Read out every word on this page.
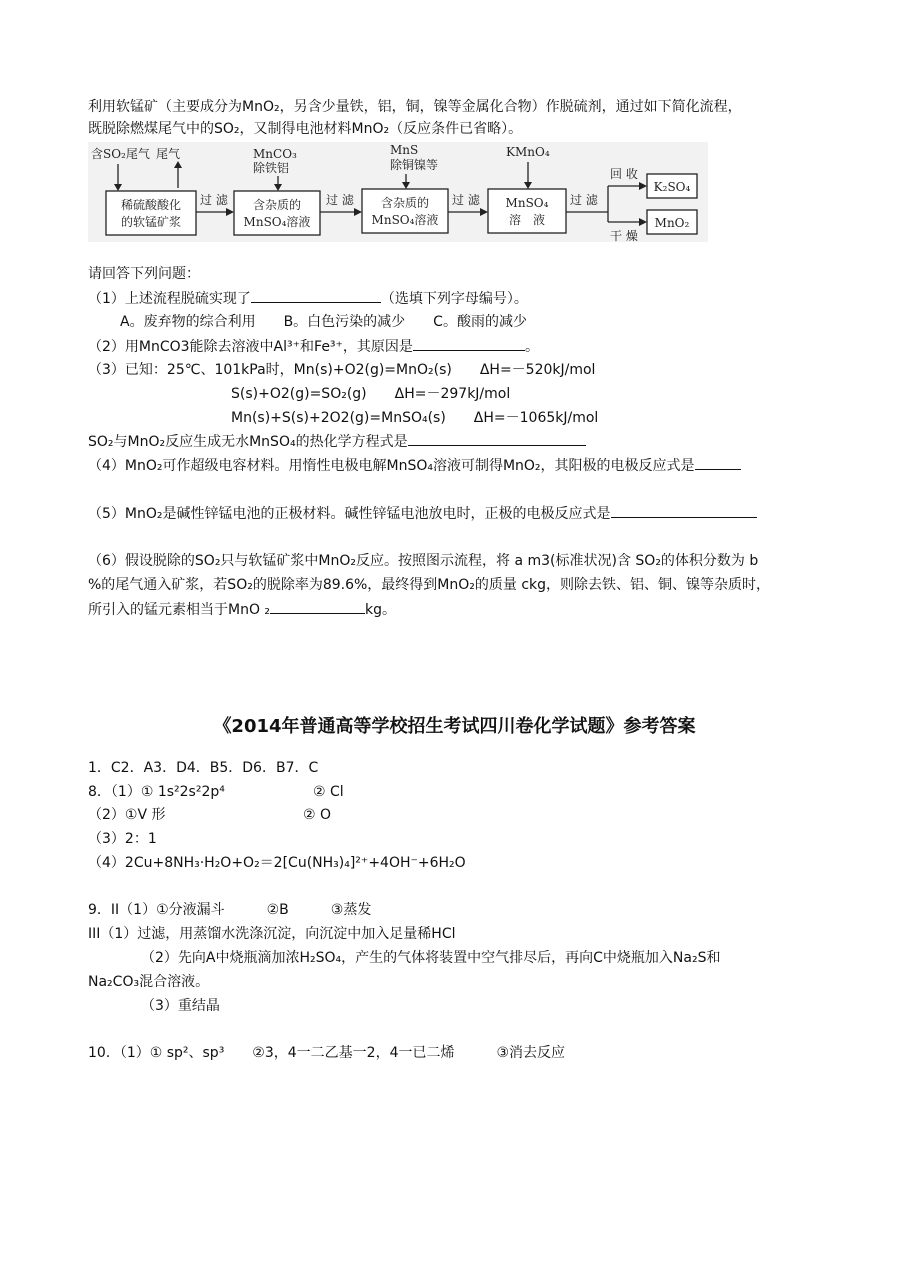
利用软锰矿（主要成分为MnO₂，另含少量铁，铝，铜，镍等金属化合物）作脱硫剂，通过如下简化流程，
既脱除燃煤尾气中的SO₂，又制得电池材料MnO₂（反应条件已省略）。
含SO₂尾气 尾气
稀硫酸酸化
的软锰矿浆
过 滤
MnCO₃
除铁铝
含杂质的
MnSO₄溶液
过 滤
MnS
除铜镍等
含杂质的
MnSO₄溶液
过 滤
KMnO₄
MnSO₄
溶　液
过 滤
回 收
干 燥
K₂SO₄
MnO₂
请回答下列问题：
（1）上述流程脱硫实现了	（选填下列字母编号）。
A。废弃物的综合利用　　B。白色污染的减少　　C。酸雨的减少
（2）用MnCO3能除去溶液中Al³⁺和Fe³⁺，其原因是	。
（3）已知：25℃、101kPa时，Mn(s)+O2(g)=MnO₂(s)　　ΔH=－520kJ/mol
S(s)+O2(g)=SO₂(g)　　ΔH=－297kJ/mol
Mn(s)+S(s)+2O2(g)=MnSO₄(s)　　ΔH=－1065kJ/mol
SO₂与MnO₂反应生成无水MnSO₄的热化学方程式是
（4）MnO₂可作超级电容材料。用惰性电极电解MnSO₄溶液可制得MnO₂，其阳极的电极反应式是
（5）MnO₂是碱性锌锰电池的正极材料。碱性锌锰电池放电时，正极的电极反应式是
（6）假设脱除的SO₂只与软锰矿浆中MnO₂反应。按照图示流程，将 a m3(标准状况)含 SO₂的体积分数为 b
%的尾气通入矿浆，若SO₂的脱除率为89.6%，最终得到MnO₂的质量 ckg，则除去铁、铝、铜、镍等杂质时，
所引入的锰元素相当于MnO ₂	kg。
《2014年普通高等学校招生考试四川卷化学试题》参考答案
1．C2．A3．D4．B5．D6．B7．C
8．（1）① 1s²2s²2p⁴	② Cl
（2）①V 形	② O
（3）2：1
（4）2Cu+8NH₃·H₂O+O₂＝2[Cu(NH₃)₄]²⁺+4OH⁻+6H₂O
9．II（1）①分液漏斗　　　②B　　　③蒸发
III（1）过滤，用蒸馏水洗涤沉淀，向沉淀中加入足量稀HCl
（2）先向A中烧瓶滴加浓H₂SO₄，产生的气体将装置中空气排尽后，再向C中烧瓶加入Na₂S和
Na₂CO₃混合溶液。
（3）重结晶
10．（1）① sp²、sp³　　②3，4一二乙基一2，4一已二烯　　　③消去反应
